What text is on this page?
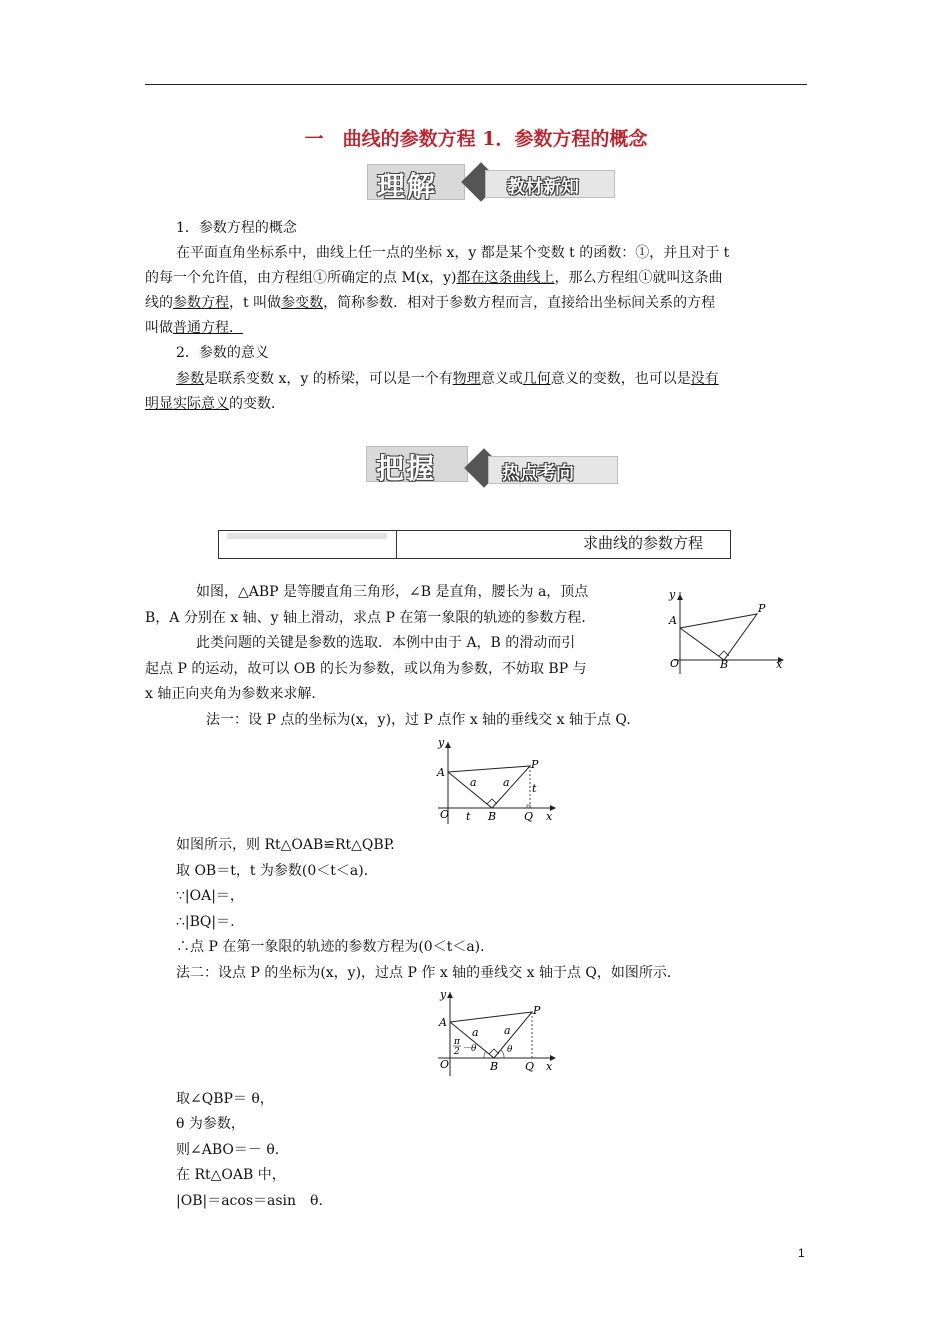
一　曲线的参数方程 1．参数方程的概念
理解	教材新知
1．参数方程的概念
在平面直角坐标系中，曲线上任一点的坐标 x，y 都是某个变数 t 的函数：①，并且对于 t
的每一个允许值，由方程组①所确定的点 M(x，y)都在这条曲线上，那么方程组①就叫这条曲
线的参数方程，t 叫做参变数，简称参数．相对于参数方程而言，直接给出坐标间关系的方程
叫做普通方程．
2．参数的意义
参数是联系变数 x，y 的桥梁，可以是一个有物理意义或几何意义的变数，也可以是没有
明显实际意义的变数．
把握	热点考向
求曲线的参数方程
如图，△ABP 是等腰直角三角形，∠B 是直角，腰长为 a，顶点
B，A 分别在 x 轴、y 轴上滑动，求点 P 在第一象限的轨迹的参数方程．
此类问题的关键是参数的选取．本例中由于 A，B 的滑动而引
起点 P 的运动，故可以 OB 的长为参数，或以角为参数，不妨取 BP 与
x 轴正向夹角为参数来求解．
法一：设 P 点的坐标为(x，y)，过 P 点作 x 轴的垂线交 x 轴于点 Q.
y
A
O	B
P
x
y
A
O t B	Q x
P
a a t
如图所示，则 Rt△OAB≌Rt△QBP.
取 OB＝t，t 为参数(0＜t＜a)．
∵|OA|＝，
∴|BQ|＝.
∴点 P 在第一象限的轨迹的参数方程为(0＜t＜a)．
法二：设点 P 的坐标为(x，y)，过点 P 作 x 轴的垂线交 x 轴于点 Q，如图所示．
y
A
O	B Q x
P
a a
π
2 －θ	θ
取∠QBP＝ θ，
θ 为参数，
则∠ABO＝－ θ.
在 Rt△OAB 中，
|OB|＝acos＝asin　θ.
1
